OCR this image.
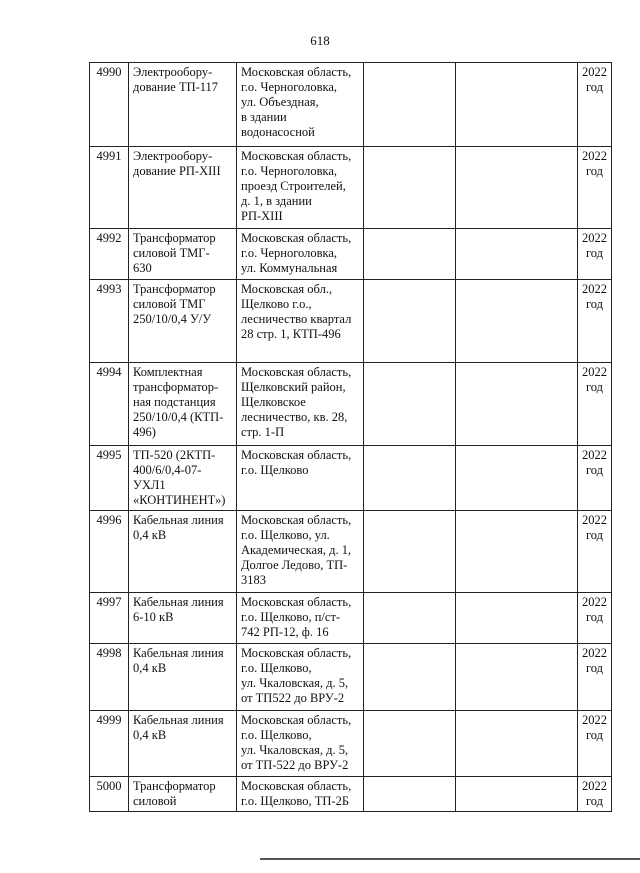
618
4990	Электрообору-
дование ТП-117	Московская область,
г.о. Черноголовка,
ул. Объездная,
в здании
водонасосной			2022
год
4991	Электрообору-
дование РП-XIII	Московская область,
г.о. Черноголовка,
проезд Строителей,
д. 1, в здании
РП-XIII			2022
год
4992	Трансформатор
силовой ТМГ-
630	Московская область,
г.о. Черноголовка,
ул. Коммунальная			2022
год
4993	Трансформатор
силовой ТМГ
250/10/0,4 У/У	Московская обл.,
Щелково г.о.,
лесничество квартал
28 стр. 1, КТП-496			2022
год
4994	Комплектная
трансформатор-
ная подстанция
250/10/0,4 (КТП-
496)	Московская область,
Щелковский район,
Щелковское
лесничество, кв. 28,
стр. 1-П			2022
год
4995	ТП-520 (2КТП-
400/6/0,4-07-
УХЛ1
«КОНТИНЕНТ»)	Московская область,
г.о. Щелково			2022
год
4996	Кабельная линия
0,4 кВ	Московская область,
г.о. Щелково, ул.
Академическая, д. 1,
Долгое Ледово, ТП-
3183			2022
год
4997	Кабельная линия
6-10 кВ	Московская область,
г.о. Щелково, п/ст-
742 РП-12, ф. 16			2022
год
4998	Кабельная линия
0,4 кВ	Московская область,
г.о. Щелково,
ул. Чкаловская, д. 5,
от ТП522 до ВРУ-2			2022
год
4999	Кабельная линия
0,4 кВ	Московская область,
г.о. Щелково,
ул. Чкаловская, д. 5,
от ТП-522 до ВРУ-2			2022
год
5000	Трансформатор
силовой	Московская область,
г.о. Щелково, ТП-2Б			2022
год
